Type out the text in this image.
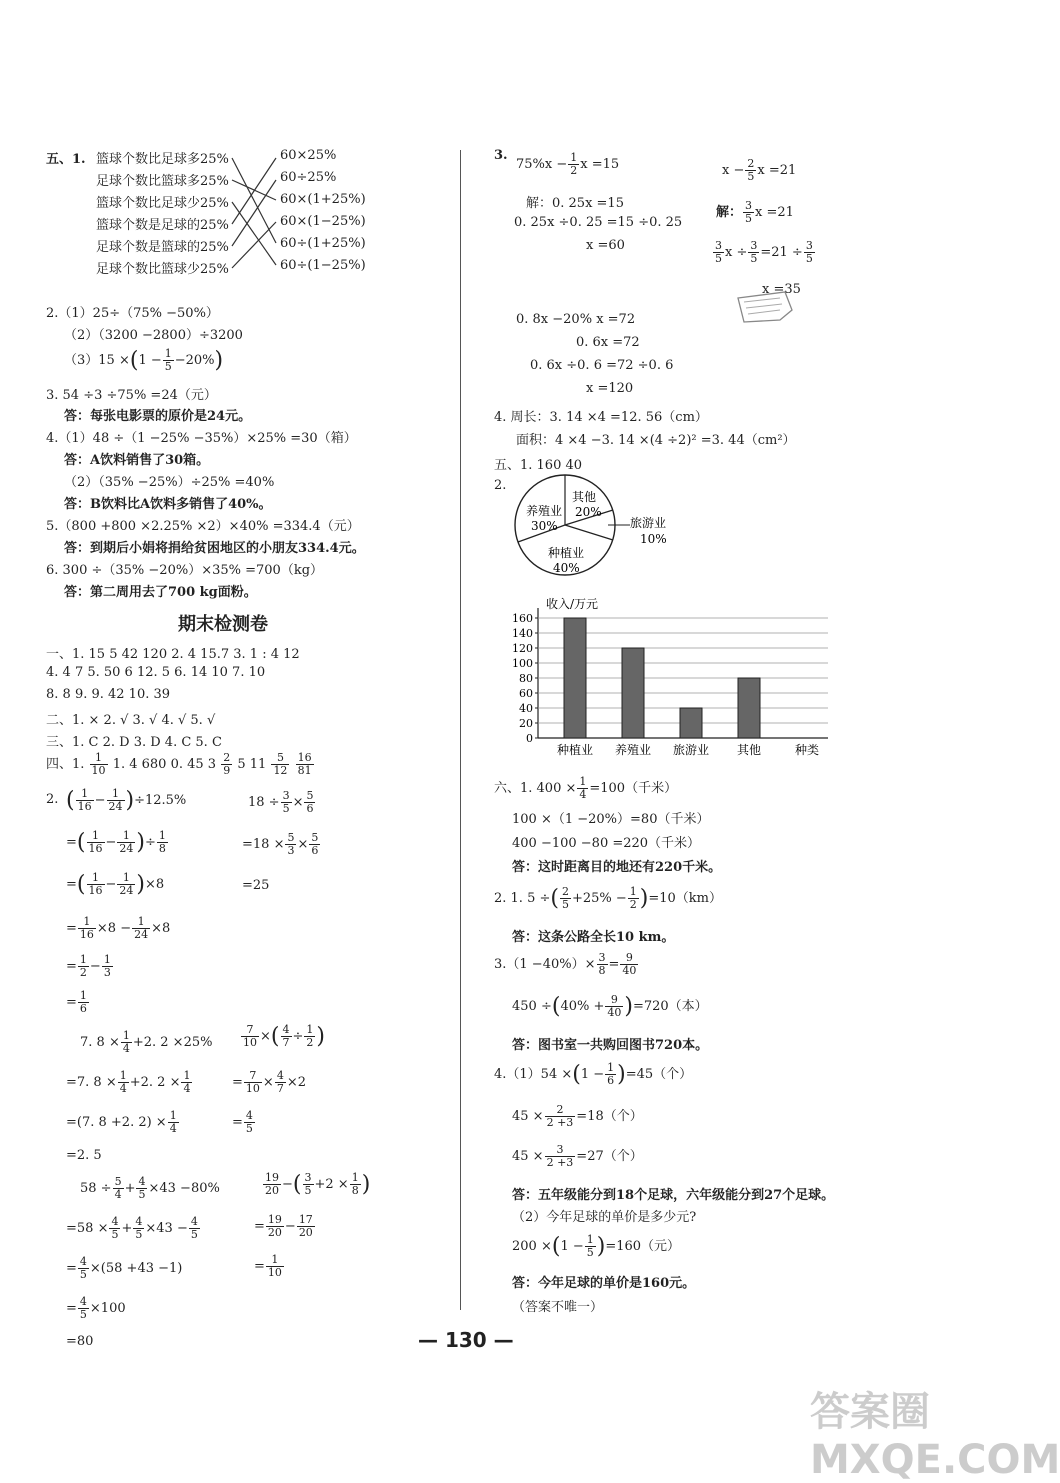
五、1. 篮球个数比足球多25%
足球个数比篮球多25%
篮球个数比足球少25%
篮球个数是足球的25%
足球个数是篮球的25%
足球个数比篮球少25%
60×25%
60÷25%
60×(1+25%)
60×(1−25%)
60÷(1+25%)
60÷(1−25%)
2.（1）25÷（75% −50%）
（2）（3200 −2800）÷3200
$(3)15 \times(1 - \frac{1}{5} -20\%)$
3. 54 ÷3 ÷75% =24（元）
答：每张电影票的原价是24元。
4.（1）48 ÷（1 −25% −35%）×25% =30（箱）
答：A饮料销售了30箱。
（2）（35% −25%）÷25% =40%
答：B饮料比A饮料多销售了40%。
5.（800 +800 ×2.25% ×2）×40% =334.4（元）
答：到期后小娟将捐给贫困地区的小朋友334.4元。
6. 300 ÷（35% −20%）×35% =700（kg）
答：第二周用去了700 kg面粉。
期末检测卷
一、1. 15 5 42 120 2. 4 15.7 3. 1 : 4 12
4. 4 7 5. 50 6 12. 5 6. 14 10 7. 10
8. 8 9. 9. 42 10. 39
二、1. × 2. √ 3. √ 4. √ 5. √
三、1. C 2. D 3. D 4. C 5. C
四、1. $\frac{1}{10} 1$. 4 680 0. 45 $3 \frac{2}{9} 5$ $11 \frac{5}{12}$
$\frac{16}{81}$
2. ( $\frac{1}{16} - \frac{1}{24} )\div 12.5\%$	$18 \div \frac{3}{5} \times \frac{5}{6}$
=( $\frac{1}{16} - \frac{1}{24}$ )÷ $\frac{1}{8}$	$=18 \times \frac{5}{3} \times \frac{5}{6}$
=( $\frac{1}{16} - \frac{1}{24} )\times 8$	=25
= $\frac{1}{16} \times 8 - \frac{1}{24} \times 8$
= $\frac{1}{2} - \frac{1}{3}$
= $\frac{1}{6}$
7. $8 \times \frac{1}{4} +2$. 2 ×25%	$\frac{7}{10}$ ×( $\frac{4}{7} \div \frac{1}{2}$ )
=7. $8 \times \frac{1}{4} +2$. $2 \times \frac{1}{4}$	= $\frac{7}{10} \times \frac{4}{7} \times 2$
=(7. 8 +2. $2) \times \frac{1}{4}$	= $\frac{4}{5}$
=2. 5
$58 \div \frac{5}{4} + \frac{4}{5} \times 43 -80\%$	$\frac{19}{20}$ −( $\frac{3}{5} +2 \times \frac{1}{8}$ )
$=58 \times \frac{4}{5} + \frac{4}{5} \times 43 - \frac{4}{5}$	= $\frac{19}{20} - \frac{17}{20}$
= $\frac{4}{5} \times(58 +43 -1)$	= $\frac{1}{10}$
= $\frac{4}{5} \times 100$
=80
3.
$75\%x - \frac{1}{2}$ x =15
解：0. 25x =15
0. 25x ÷0. 25 =15 ÷0. 25
x =60
$x - \frac{2}{5}$ x =21
解： $\frac{3}{5}$ x =21
$\frac{3}{5}$ $x \div \frac{3}{5} =21 \div \frac{3}{5}$
x =35
0. 8x −20% x =72
0. 6x =72
0. 6x ÷0. 6 =72 ÷0. 6
x =120
4. 周长：3. 14 ×4 =12. 56（cm）
面积：4 ×4 −3. 14 ×(4 ÷2)² =3. 44（cm²）
五、1. 160 40
2.
养殖业
30%
其他
20%
旅游业
10%
种植业
40%
收入/万元
0
20
40
60
80
100
120
140
160
种植业 养殖业 旅游业 其他	种类
六、1. $400 \times \frac{1}{4} =100$（千米）
100 ×（1 −20%）=80（千米）
400 −100 −80 =220（千米）
答：这时距离目的地还有220千米。
2. 1. 5 ÷( $\frac{2}{5} +25\% - \frac{1}{2} )=10(km)$
答：这条公路全长10 km。
$3.(1 -40\%)\times \frac{3}{8} = \frac{9}{40}$
$450 \div(40\% + \frac{9}{40} )=720$（本）
答：图书室一共购回图书720本。
$4.(1)54 \times(1 - \frac{1}{6} )=45$（个）
$45 \times \frac{2}{2 +3} =18$（个）
$45 \times \frac{3}{2 +3} =27$（个）
答：五年级能分到18个足球，六年级能分到27个足球。
（2）今年足球的单价是多少元?
$200 \times(1 - \frac{1}{5} )=160$（元）
答：今年足球的单价是160元。
（答案不唯一）
— 130 —
答案圈 MXQE.COM
